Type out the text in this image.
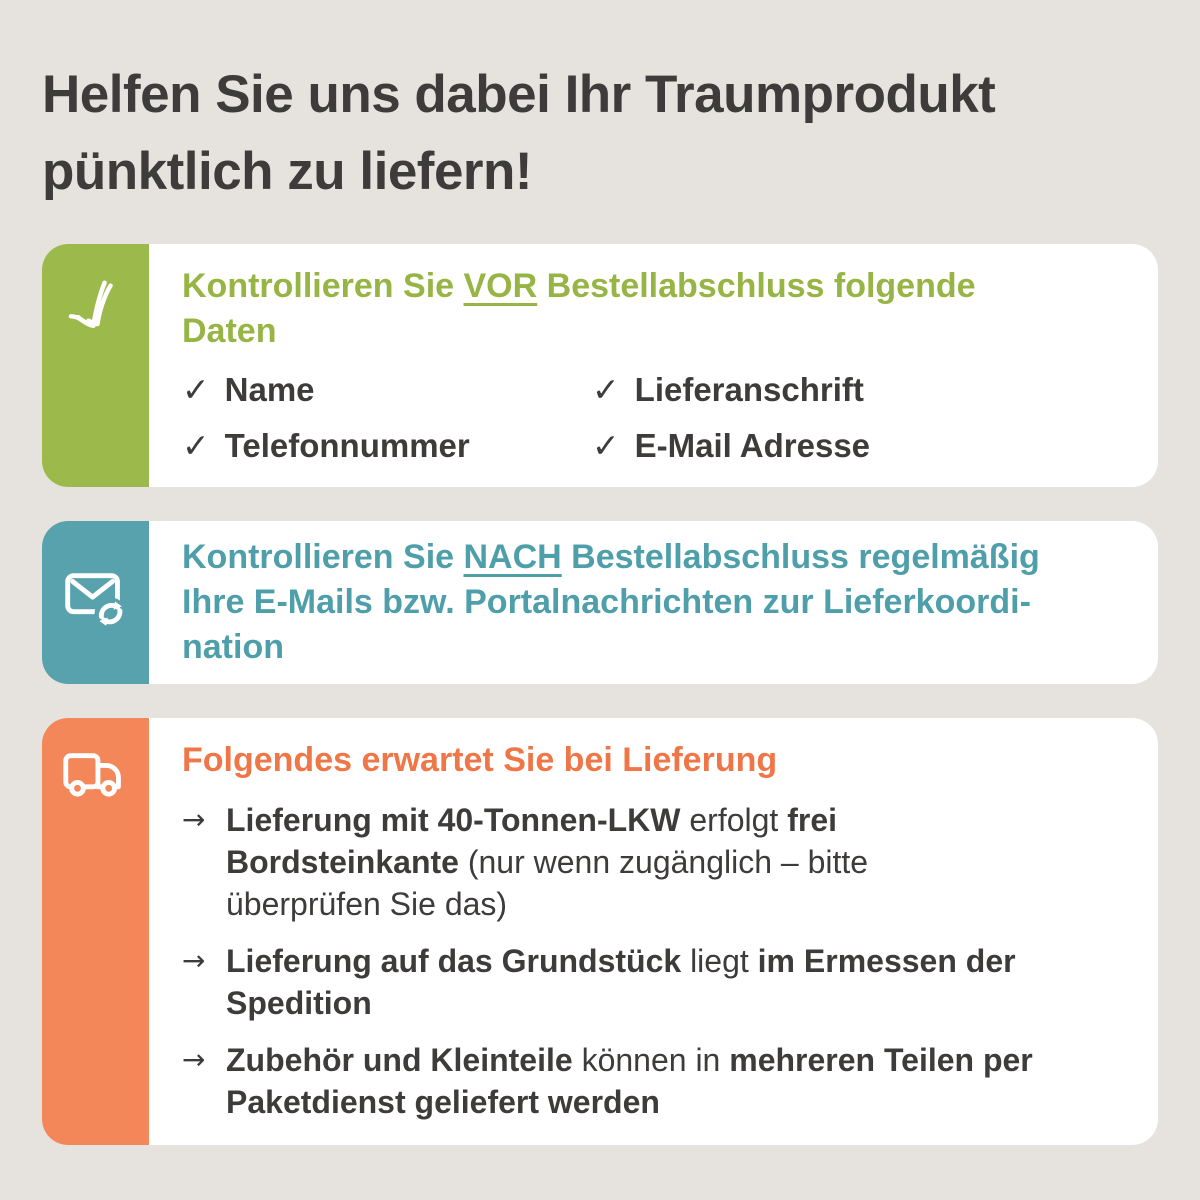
Helfen Sie uns dabei Ihr Traumprodukt
pünktlich zu liefern!
Kontrollieren Sie VOR Bestellabschluss folgende
Daten
✓ Name	✓ Lieferanschrift
✓ Telefonnummer	✓ E-Mail Adresse
Kontrollieren Sie NACH Bestellabschluss regelmäßig
Ihre E-Mails bzw. Portalnachrichten zur Lieferkoordi-
nation
Folgendes erwartet Sie bei Lieferung
→ Lieferung mit 40-Tonnen-LKW erfolgt frei
Bordsteinkante (nur wenn zugänglich – bitte
überprüfen Sie das)
→ Lieferung auf das Grundstück liegt im Ermessen der
Spedition
→ Zubehör und Kleinteile können in mehreren Teilen per
Paketdienst geliefert werden
